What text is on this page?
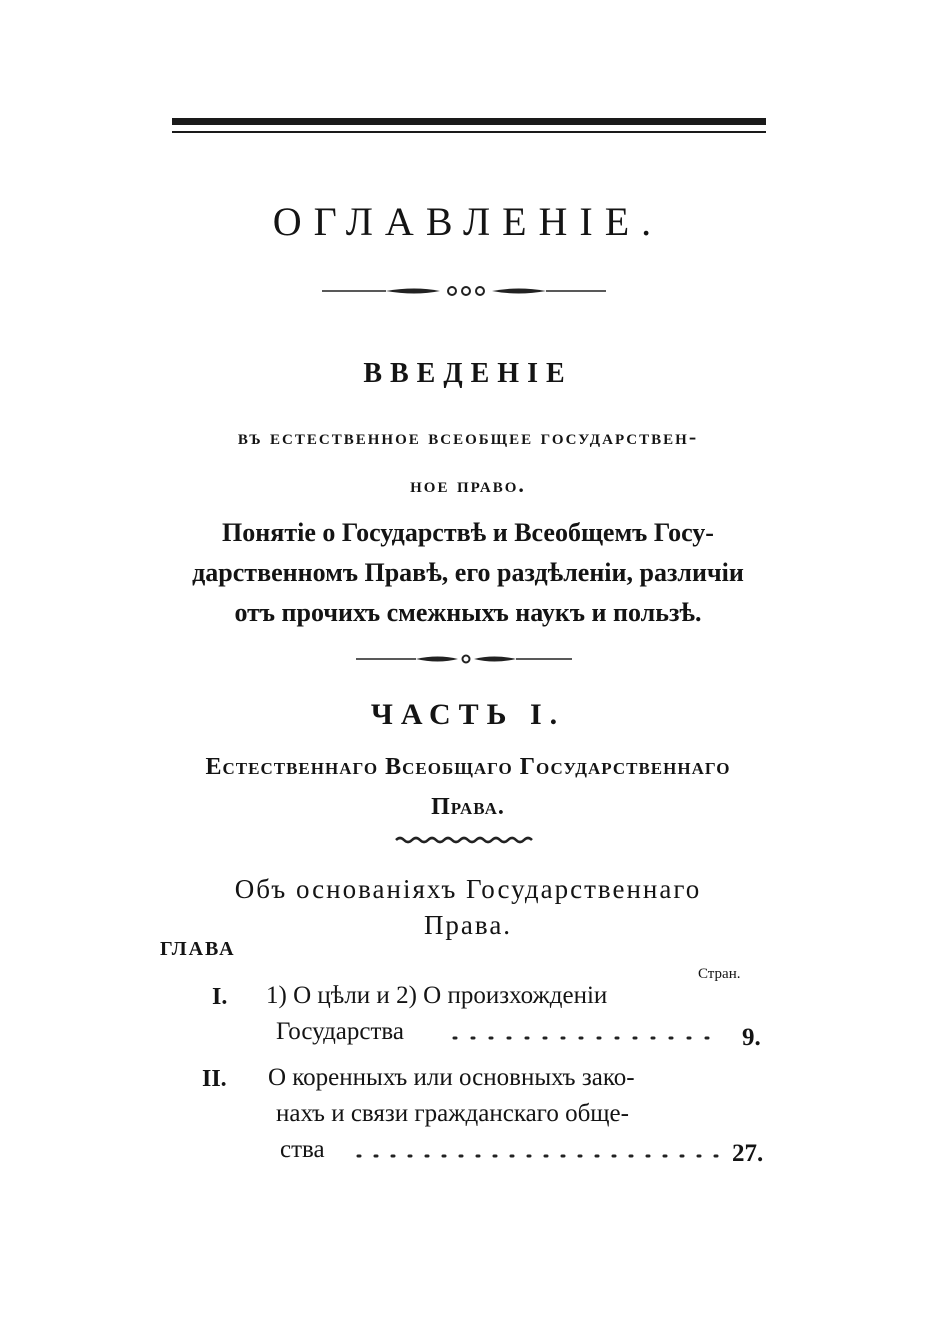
ОГЛАВЛЕНІЕ.
ВВЕДЕНІЕ
въ естественное всеобщее государствен-
ное право.
Понятіе о Государствѣ и Всеобщемъ Госу-
дарственномъ Правѣ, его раздѣленіи, различіи
отъ прочихъ смежныхъ наукъ и пользѣ.
ЧАСТЬ I.
Естественнаго Всеобщаго Государственнаго
Права.
Объ основаніяхъ Государственнаго
Права.
ГЛАВА
Стран.
I. 1) О цѣли и 2) О произхожденіи
Государства	9.
II. О коренныхъ или основныхъ зако-
нахъ и связи гражданскаго обще-
ства	27.
